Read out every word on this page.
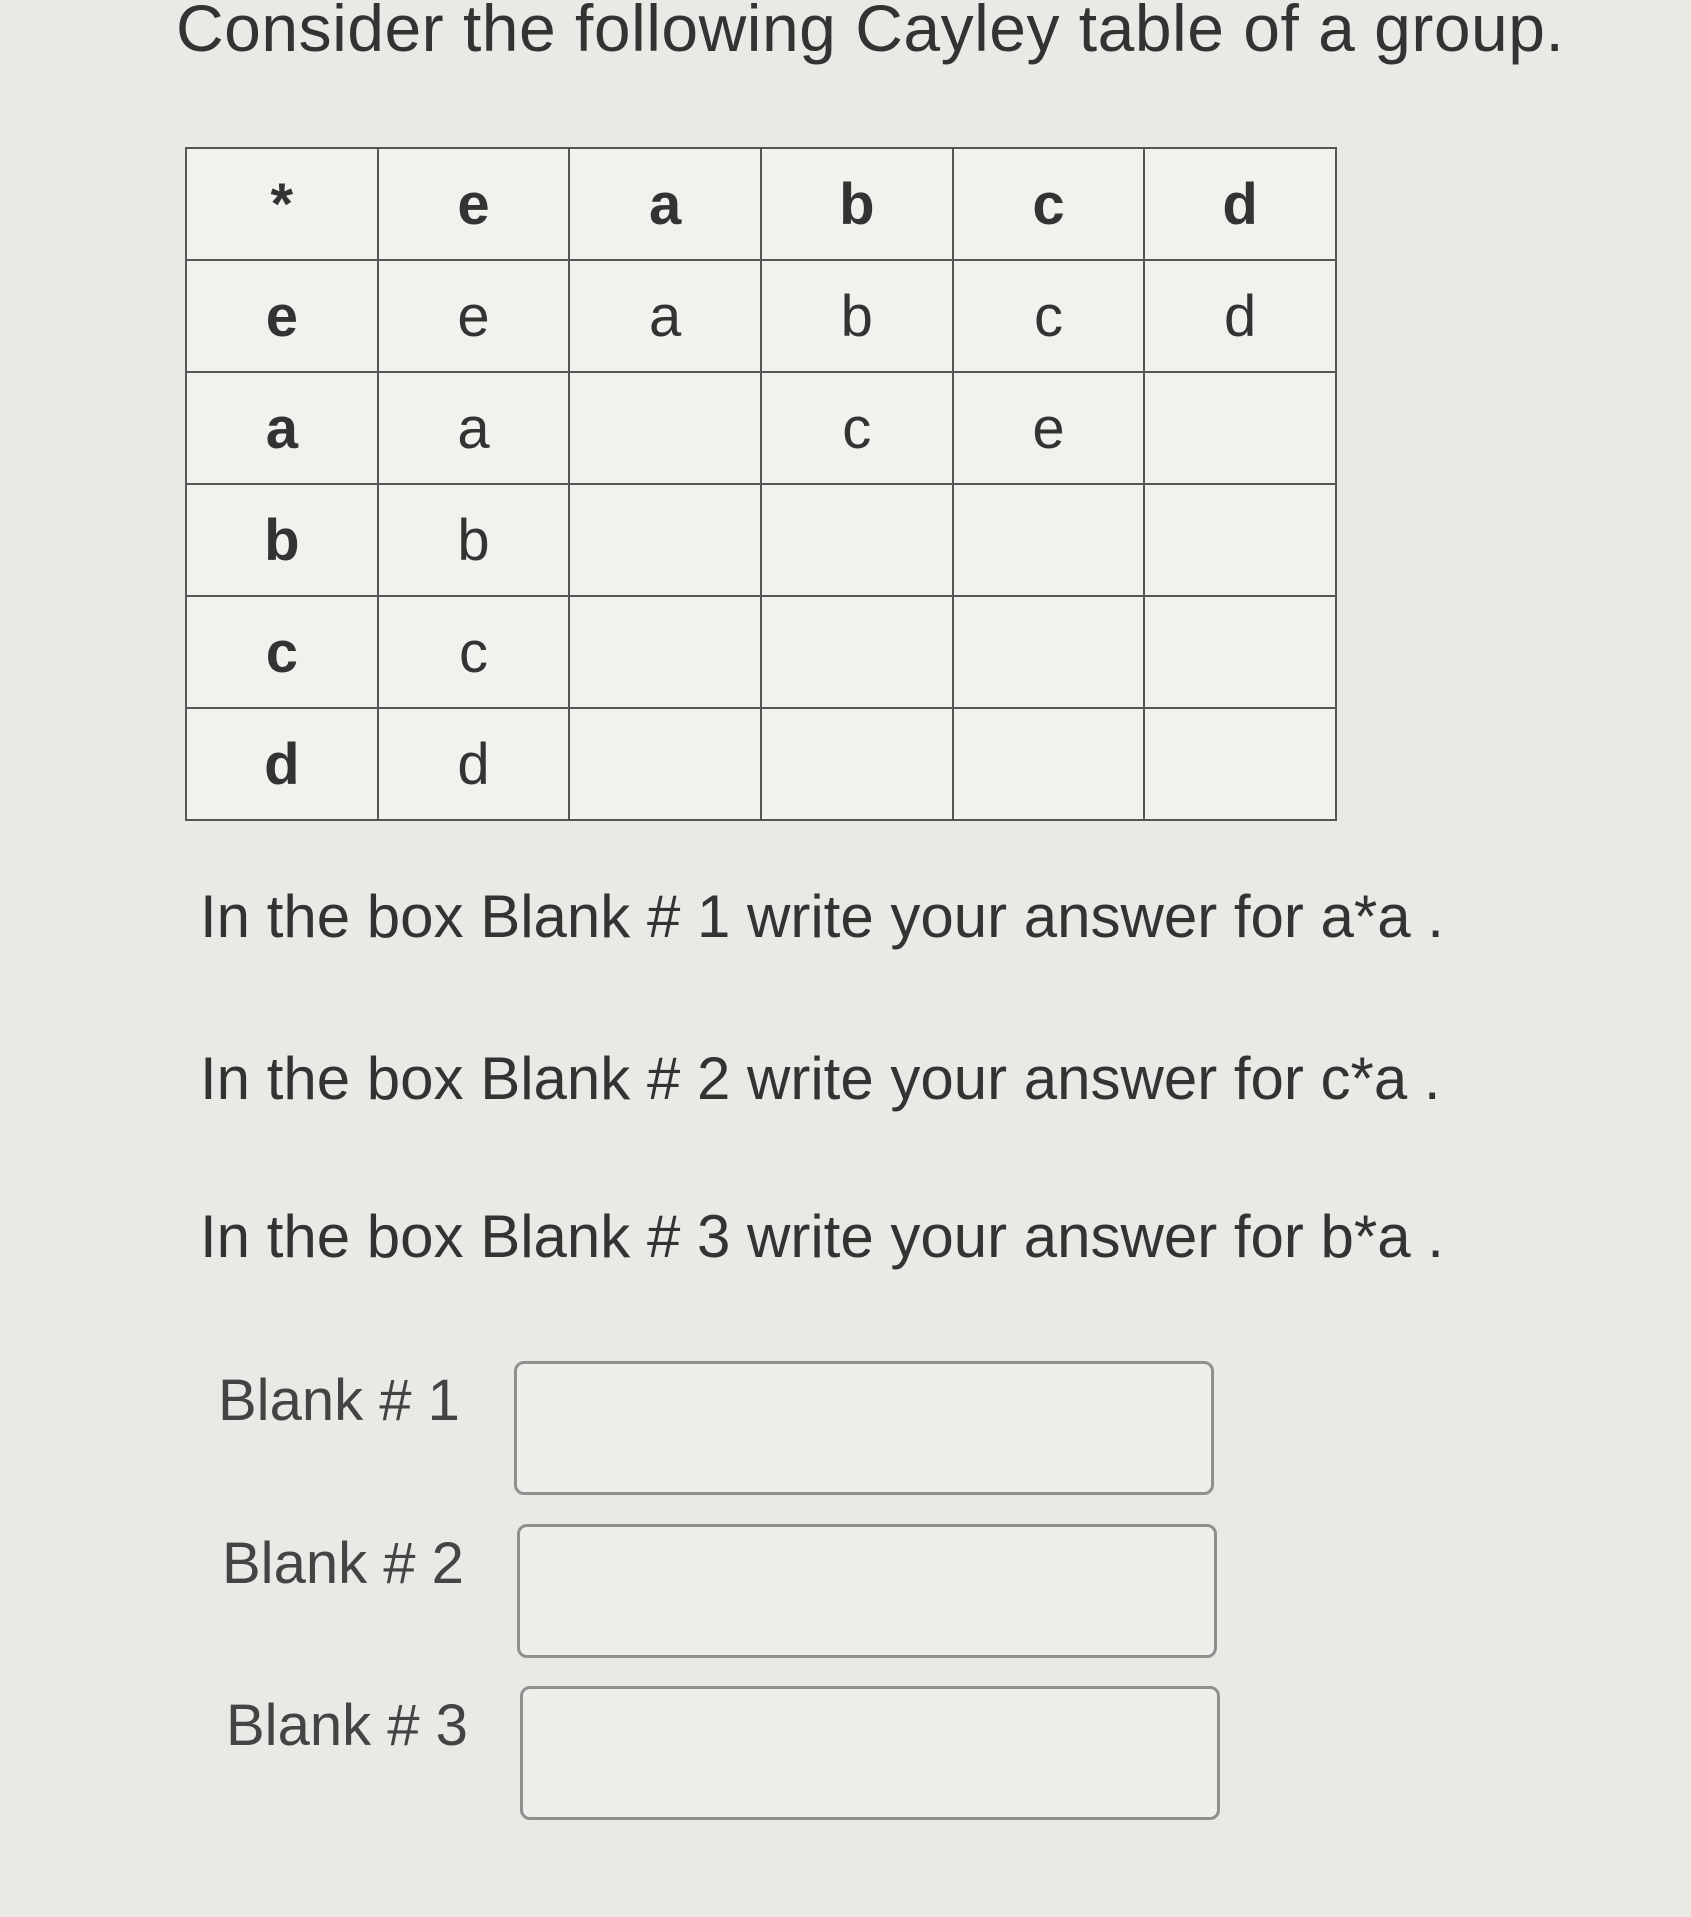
Consider the following Cayley table of a group.
*	e	a	b	c	d
e	e	a	b	c	d
a	a		c	e	
b	b				
c	c				
d	d				
In the box Blank # 1 write your answer for a*a .
In the box Blank # 2 write your answer for c*a .
In the box Blank # 3 write your answer for b*a .
Blank # 1
Blank # 2
Blank # 3
